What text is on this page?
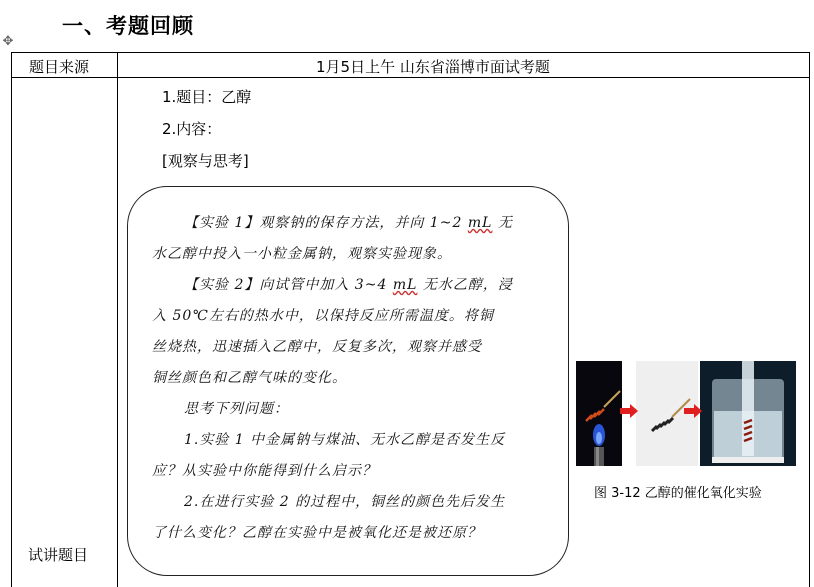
一、考题回顾
✥
题目来源	1月5日上午 山东省淄博市面试考题
试讲题目
1.题目：乙醇
2.内容：
[观察与思考]
【实验 1】观察钠的保存方法，并向 1~2 mL 无
水乙醇中投入一小粒金属钠，观察实验现象。
【实验 2】向试管中加入 3~4 mL 无水乙醇，浸
入 50℃左右的热水中，以保持反应所需温度。将铜
丝烧热，迅速插入乙醇中，反复多次，观察并感受
铜丝颜色和乙醇气味的变化。
思考下列问题：
1.实验 1 中金属钠与煤油、无水乙醇是否发生反
应？从实验中你能得到什么启示？
2.在进行实验 2 的过程中，铜丝的颜色先后发生
了什么变化？乙醇在实验中是被氧化还是被还原？
图 3-12 乙醇的催化氧化实验
